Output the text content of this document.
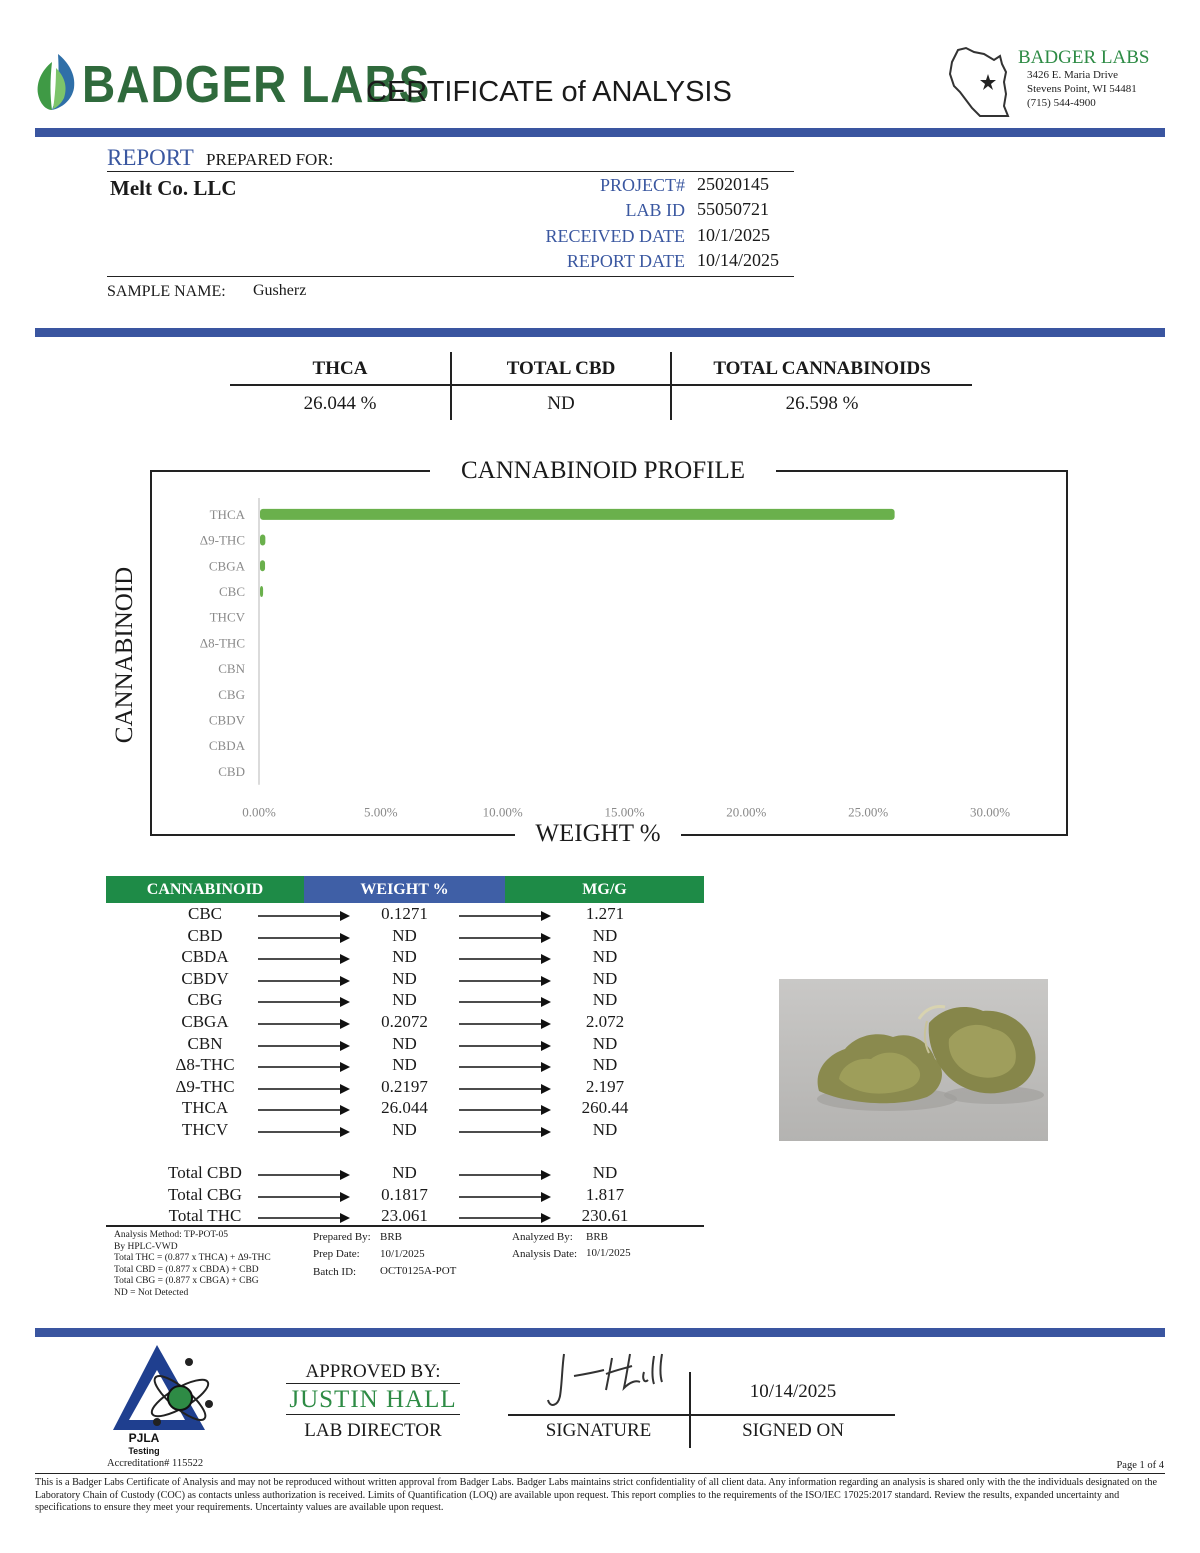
BADGER LABS
CERTIFICATE of ANALYSIS
BADGER LABS
3426 E. Maria Drive
Stevens Point, WI 54481
(715) 544-4900
REPORT PREPARED FOR:
Melt Co. LLC	PROJECT# 25020145
LAB ID 55050721
RECEIVED DATE 10/1/2025
REPORT DATE 10/14/2025
SAMPLE NAME: Gusherz
THCA	TOTAL CBD	TOTAL CANNABINOIDS
26.044 %	ND	26.598 %
CANNABINOID PROFILE
WEIGHT %
CANNABINOID
THCA
Δ9-THC
CBGA
CBC
THCV
Δ8-THC
CBN
CBG
CBDV
CBDA
CBD
0.00%	5.00%	10.00%	15.00%	20.00%	25.00%	30.00%
CANNABINOID	WEIGHT %	MG/G
CBC	0.1271	1.271
CBD	ND	ND
CBDA	ND	ND
CBDV	ND	ND
CBG	ND	ND
CBGA	0.2072	2.072
CBN	ND	ND
Δ8-THC	ND	ND
Δ9-THC	0.2197	2.197
THCA	26.044	260.44
THCV	ND	ND
Total CBD	ND	ND
Total CBG	0.1817	1.817
Total THC	23.061	230.61
Analysis Method: TP-POT-05
By HPLC-VWD
Total THC = (0.877 x THCA) + Δ9-THC
Total CBD = (0.877 x CBDA) + CBD
Total CBG = (0.877 x CBGA) + CBG
ND = Not Detected
Prepared By: BRB
Prep Date: 10/1/2025
Batch ID: OCT0125A-POT
Analyzed By: BRB
Analysis Date: 10/1/2025
PJLA
Testing
Accreditation# 115522
APPROVED BY:
JUSTIN HALL
LAB DIRECTOR	SIGNATURE
10/14/2025
SIGNED ON
Page 1 of 4
This is a Badger Labs Certificate of Analysis and may not be reproduced without written approval from Badger Labs. Badger Labs maintains strict confidentiality of all client data. Any information regarding an analysis is shared only with the the individuals designated on the Laboratory Chain of Custody (COC) as contacts unless authorization is received. Limits of Quantification (LOQ) are available upon request. This report complies to the requirements of the ISO/IEC 17025:2017 standard. Review the results, expanded uncertainty and specifications to ensure they meet your requirements. Uncertainty values are available upon request.
